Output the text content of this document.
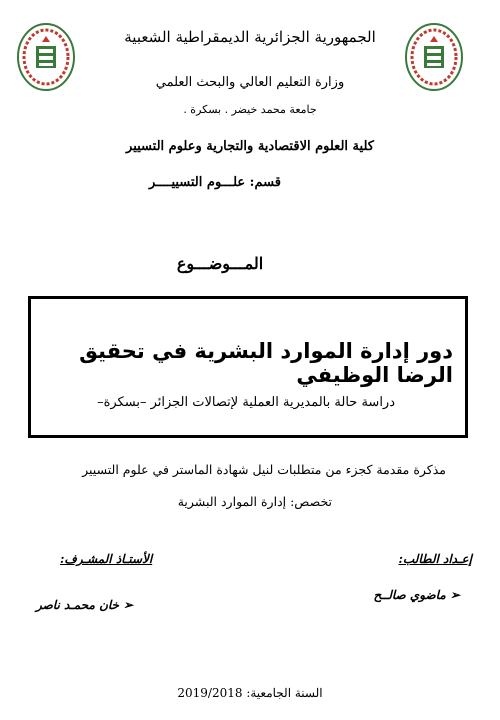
الجمهورية الجزائرية الديمقراطية الشعبية
وزارة التعليم العالي والبحث العلمي
جامعة محمد خيضر . بسكرة .
كلية العلوم الاقتصادية والتجارية وعلوم التسيير
قسم: علـــوم التسييــــر
المـــوضـــوع
دور إدارة الموارد البشرية في تحقيق الرضا الوظيفي
دراسة حالة بالمديرية العملية لإتصالات الجزائر –بسكرة–
مذكرة مقدمة كجزء من متطلبات لنيل شهادة الماستر في علوم التسيير
تخصص: إدارة الموارد البشرية
إعـداد الطالب:
الأستـاذ المشـرف:
➢ ماضوي صالــح
➢ خان محمـد ناصر
السنة الجامعية: 2019/2018
